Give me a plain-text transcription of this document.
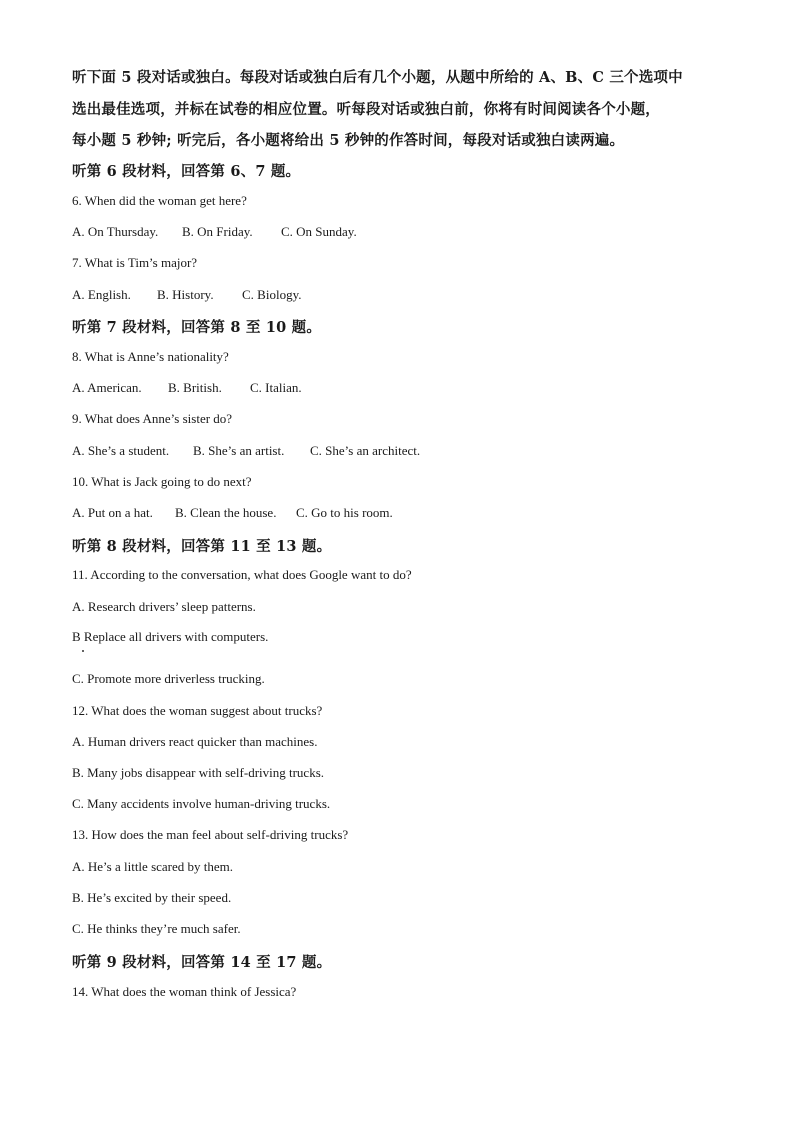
听下面 5 段对话或独白。每段对话或独白后有几个小题，从题中所给的 A、B、C 三个选项中
选出最佳选项，并标在试卷的相应位置。听每段对话或独白前，你将有时间阅读各个小题，
每小题 5 秒钟; 听完后，各小题将给出 5 秒钟的作答时间，每段对话或独白读两遍。
听第 6 段材料，回答第 6、7 题。
6. When did the woman get here?
A. On Thursday. B. On Friday. C. On Sunday.
7. What is Tim’s major?
A. English. B. History. C. Biology.
听第 7 段材料，回答第 8 至 10 题。
8. What is Anne’s nationality?
A. American. B. British. C. Italian.
9. What does Anne’s sister do?
A. She’s a student. B. She’s an artist. C. She’s an architect.
10. What is Jack going to do next?
A. Put on a hat. B. Clean the house. C. Go to his room.
听第 8 段材料，回答第 11 至 13 题。
11. According to the conversation, what does Google want to do?
A. Research drivers’ sleep patterns.
B Replace all drivers with computers.
C. Promote more driverless trucking.
12. What does the woman suggest about trucks?
A. Human drivers react quicker than machines.
B. Many jobs disappear with self-driving trucks.
C. Many accidents involve human-driving trucks.
13. How does the man feel about self-driving trucks?
A. He’s a little scared by them.
B. He’s excited by their speed.
C. He thinks they’re much safer.
听第 9 段材料，回答第 14 至 17 题。
14. What does the woman think of Jessica?
